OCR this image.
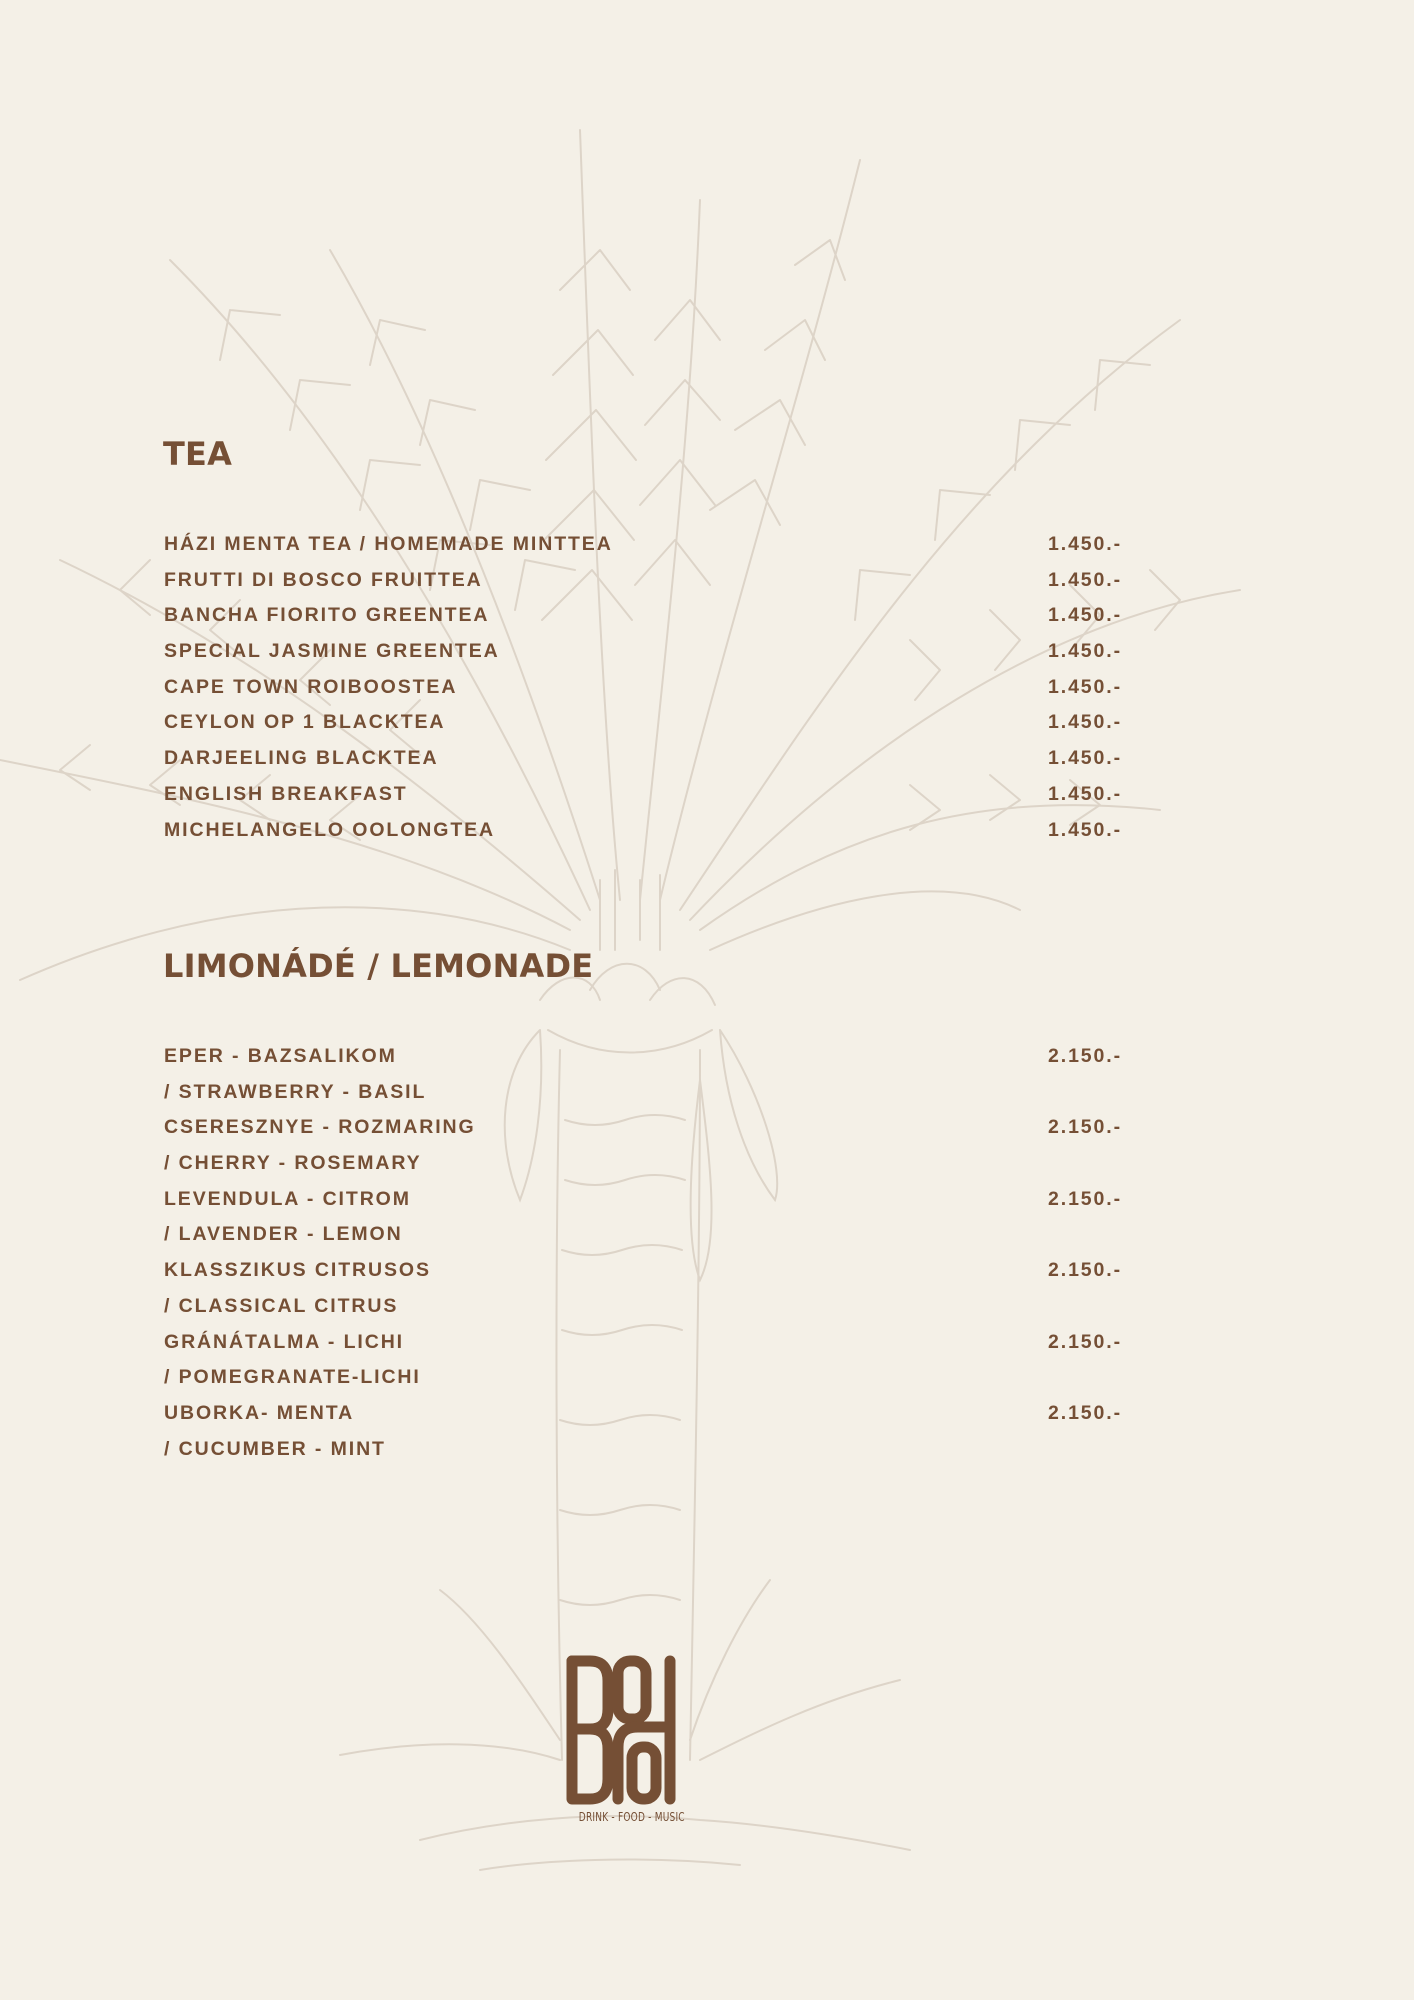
TEA
HÁZI MENTA TEA / HOMEMADE MINTTEA	1.450.-
FRUTTI DI BOSCO FRUITTEA	1.450.-
BANCHA FIORITO GREENTEA	1.450.-
SPECIAL JASMINE GREENTEA	1.450.-
CAPE TOWN ROIBOOSTEA	1.450.-
CEYLON OP 1 BLACKTEA	1.450.-
DARJEELING BLACKTEA	1.450.-
ENGLISH BREAKFAST	1.450.-
MICHELANGELO OOLONGTEA	1.450.-
LIMONÁDÉ / LEMONADE
EPER - BAZSALIKOM	2.150.-
/ STRAWBERRY - BASIL
CSERESZNYE - ROZMARING	2.150.-
/ CHERRY - ROSEMARY
LEVENDULA - CITROM	2.150.-
/ LAVENDER - LEMON
KLASSZIKUS CITRUSOS	2.150.-
/ CLASSICAL CITRUS
GRÁNÁTALMA - LICHI	2.150.-
/ POMEGRANATE-LICHI
UBORKA- MENTA	2.150.-
/ CUCUMBER - MINT
DRINK - FOOD - MUSIC
